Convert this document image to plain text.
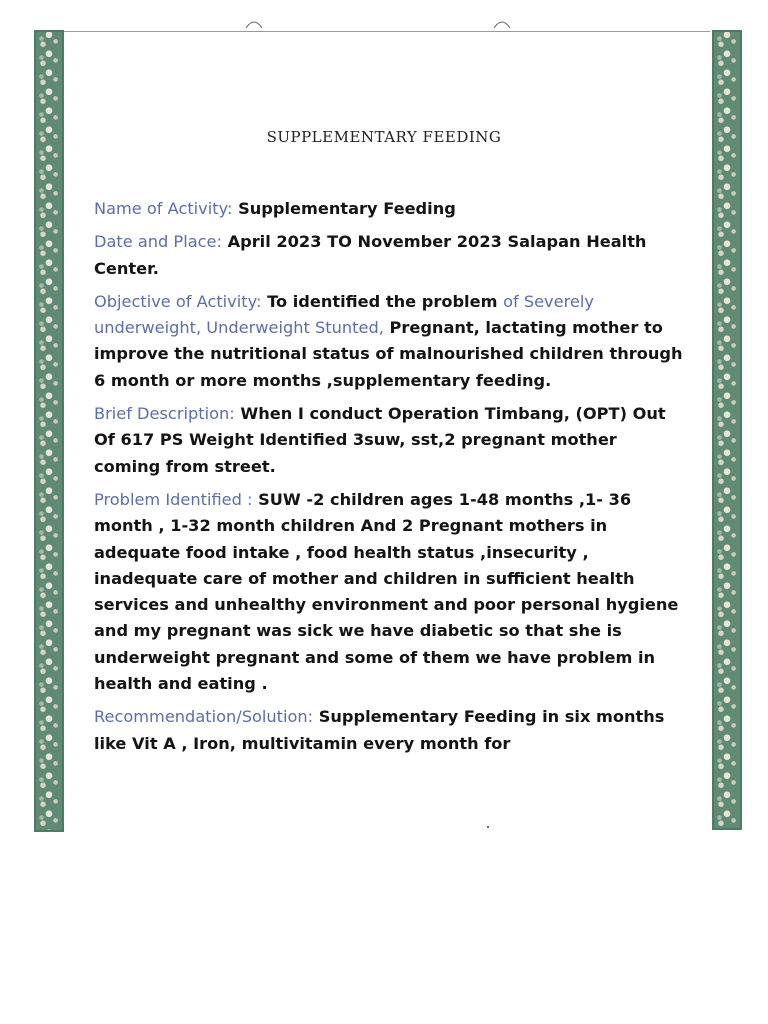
SUPPLEMENTARY FEEDING

Name of Activity: Supplementary Feeding

Date and Place: April 2023 TO November 2023 Salapan Health Center.

Objective of Activity: To identified the problem of Severely underweight, Underweight Stunted, Pregnant, lactating mother to improve the nutritional status of malnourished children through 6 month or more months ,supplementary feeding.

Brief Description: When I conduct Operation Timbang, (OPT) Out Of 617 PS Weight Identified 3suw, sst,2 pregnant mother coming from street.

Problem Identified : SUW -2 children ages 1-48 months ,1- 36 month , 1-32 month children And 2 Pregnant mothers in adequate food intake , food health status ,insecurity , inadequate care of mother and children in sufficient health services and unhealthy environment and poor personal hygiene and my pregnant was sick we have diabetic so that she is underweight pregnant and some of them we have problem in health and eating .

Recommendation/Solution: Supplementary Feeding in six months like Vit A , Iron, multivitamin every month for
